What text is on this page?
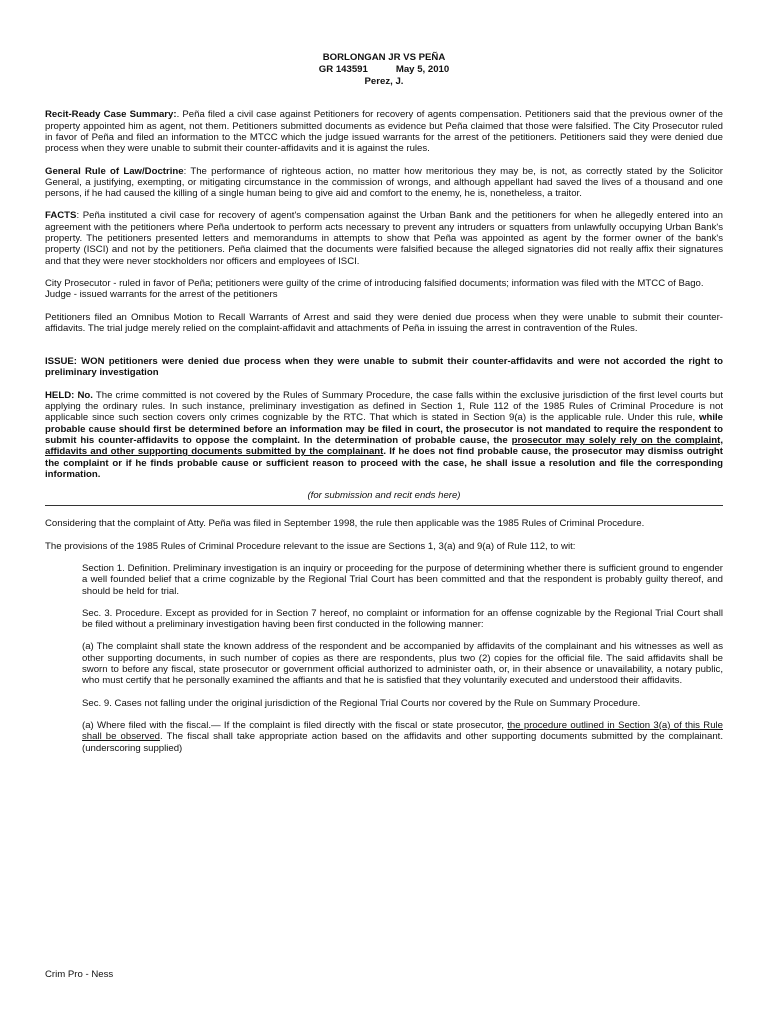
BORLONGAN JR VS PEÑA
GR 143591	May 5, 2010
Perez, J.

Recit-Ready Case Summary:. Peña filed a civil case against Petitioners for recovery of agents compensation. Petitioners said that the previous owner of the property appointed him as agent, not them. Petitioners submitted documents as evidence but Peña claimed that those were falsified. The City Prosecutor ruled in favor of Peña and filed an information to the MTCC which the judge issued warrants for the arrest of the petitioners. Petitioners said they were denied due process when they were unable to submit their counter-affidavits and it is against the rules.

General Rule of Law/Doctrine: The performance of righteous action, no matter how meritorious they may be, is not, as correctly stated by the Solicitor General, a justifying, exempting, or mitigating circumstance in the commission of wrongs, and although appellant had saved the lives of a thousand and one persons, if he had caused the killing of a single human being to give aid and comfort to the enemy, he is, nonetheless, a traitor.

FACTS: Peña instituted a civil case for recovery of agent's compensation against the Urban Bank and the petitioners for when he allegedly entered into an agreement with the petitioners where Peña undertook to perform acts necessary to prevent any intruders or squatters from unlawfully occupying Urban Bank's property. The petitioners presented letters and memorandums in attempts to show that Peña was appointed as agent by the former owner of the bank's property (ISCI) and not by the petitioners. Peña claimed that the documents were falsified because the alleged signatories did not really affix their signatures and that they were never stockholders nor officers and employees of ISCI.

City Prosecutor - ruled in favor of Peña; petitioners were guilty of the crime of introducing falsified documents; information was filed with the MTCC of Bago.

Judge - issued warrants for the arrest of the petitioners

Petitioners filed an Omnibus Motion to Recall Warrants of Arrest and said they were denied due process when they were unable to submit their counter-affidavits. The trial judge merely relied on the complaint-affidavit and attachments of Peña in issuing the arrest in contravention of the Rules.

ISSUE: WON petitioners were denied due process when they were unable to submit their counter-affidavits and were not accorded the right to preliminary investigation

HELD: No. The crime committed is not covered by the Rules of Summary Procedure, the case falls within the exclusive jurisdiction of the first level courts but applying the ordinary rules. In such instance, preliminary investigation as defined in Section 1, Rule 112 of the 1985 Rules of Criminal Procedure is not applicable since such section covers only crimes cognizable by the RTC. That which is stated in Section 9(a) is the applicable rule. Under this rule, while probable cause should first be determined before an information may be filed in court, the prosecutor is not mandated to require the respondent to submit his counter-affidavits to oppose the complaint. In the determination of probable cause, the prosecutor may solely rely on the complaint, affidavits and other supporting documents submitted by the complainant. If he does not find probable cause, the prosecutor may dismiss outright the complaint or if he finds probable cause or sufficient reason to proceed with the case, he shall issue a resolution and file the corresponding information.

(for submission and recit ends here)

Considering that the complaint of Atty. Peña was filed in September 1998, the rule then applicable was the 1985 Rules of Criminal Procedure.

The provisions of the 1985 Rules of Criminal Procedure relevant to the issue are Sections 1, 3(a) and 9(a) of Rule 112, to wit:

Section 1. Definition. Preliminary investigation is an inquiry or proceeding for the purpose of determining whether there is sufficient ground to engender a well founded belief that a crime cognizable by the Regional Trial Court has been committed and that the respondent is probably guilty thereof, and should be held for trial.

Sec. 3. Procedure. Except as provided for in Section 7 hereof, no complaint or information for an offense cognizable by the Regional Trial Court shall be filed without a preliminary investigation having been first conducted in the following manner:

(a) The complaint shall state the known address of the respondent and be accompanied by affidavits of the complainant and his witnesses as well as other supporting documents, in such number of copies as there are respondents, plus two (2) copies for the official file. The said affidavits shall be sworn to before any fiscal, state prosecutor or government official authorized to administer oath, or, in their absence or unavailability, a notary public, who must certify that he personally examined the affiants and that he is satisfied that they voluntarily executed and understood their affidavits.

Sec. 9. Cases not falling under the original jurisdiction of the Regional Trial Courts nor covered by the Rule on Summary Procedure.

(a) Where filed with the fiscal.— If the complaint is filed directly with the fiscal or state prosecutor, the procedure outlined in Section 3(a) of this Rule shall be observed. The fiscal shall take appropriate action based on the affidavits and other supporting documents submitted by the complainant. (underscoring supplied)

Crim Pro - Ness
